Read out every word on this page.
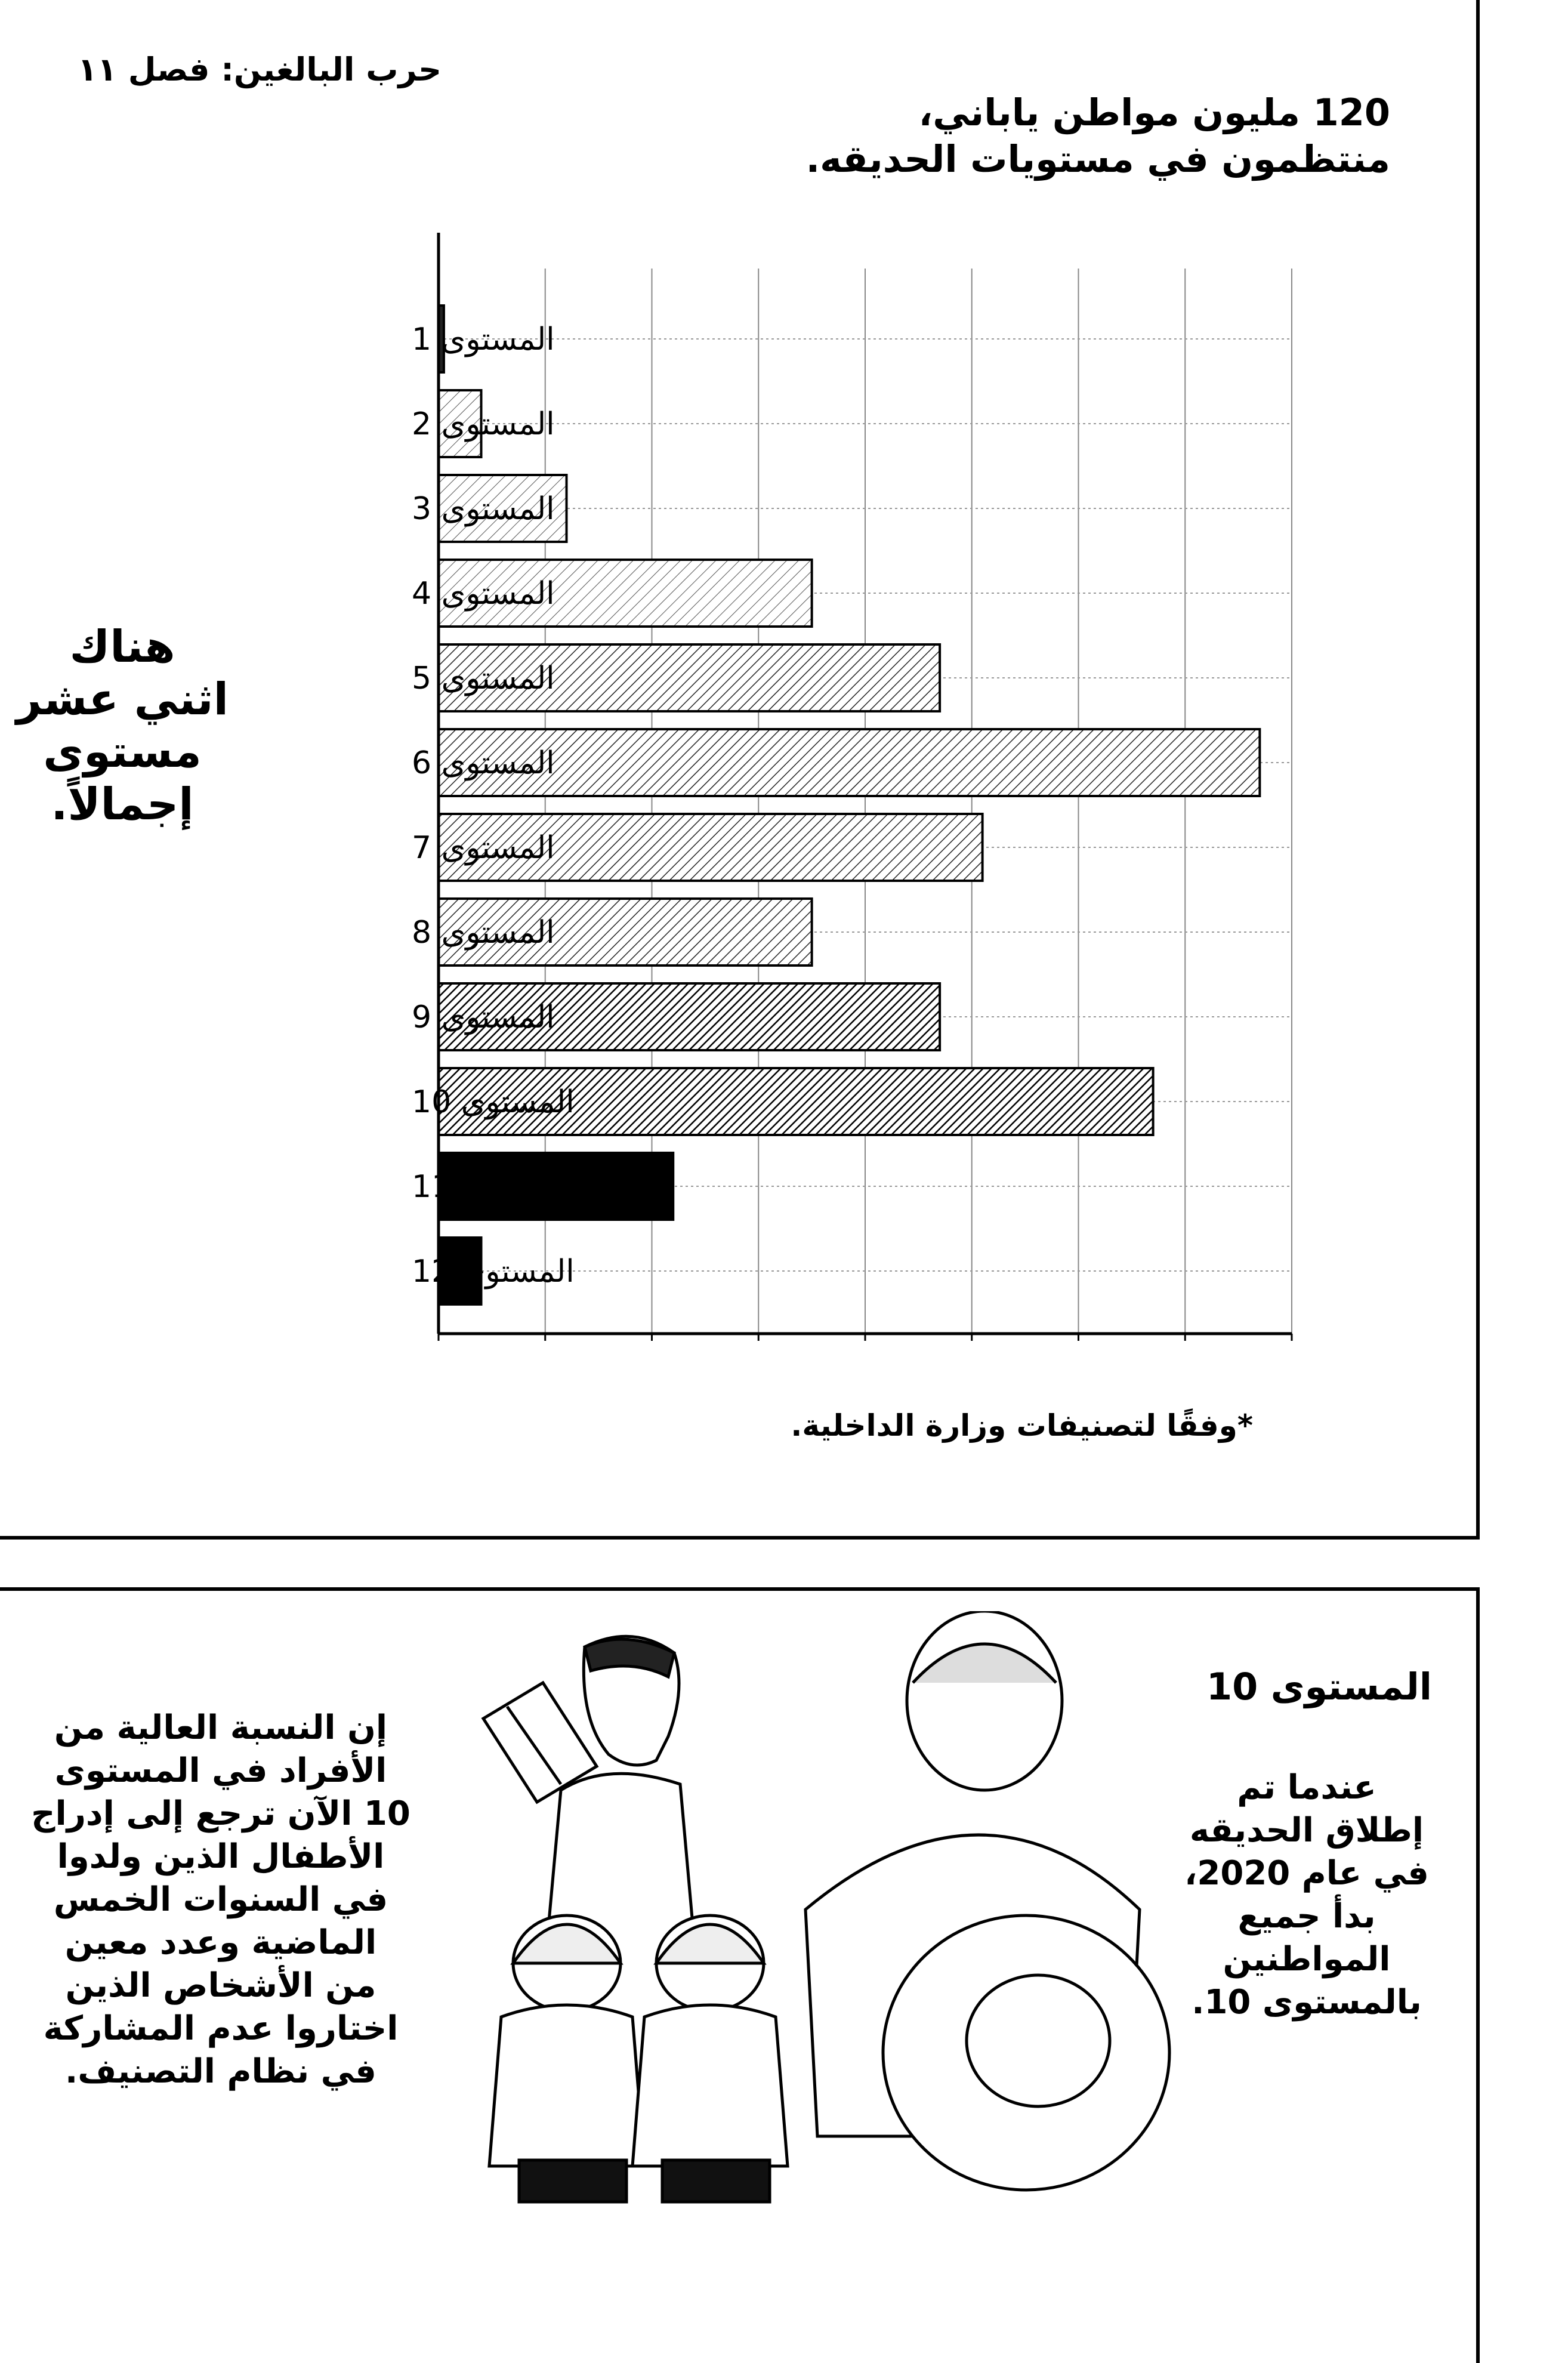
حرب البالغين: فصل ١١
120 مليون مواطن ياباني،
منتظمون في مستويات الحديقه.
هناك
اثني عشر
مستوى
إجمالاً.
المستوى 1
المستوى 2
المستوى 3
المستوى 4
المستوى 5
المستوى 6
المستوى 7
المستوى 8
المستوى 9
المستوى 10
المستوى 11
المستوى 12
*وفقًا لتصنيفات وزارة الداخلية.
المستوى 10
عندما تم
إطلاق الحديقه
في عام 2020،
بدأ جميع
المواطنين
بالمستوى 10.
إن النسبة العالية من
الأفراد في المستوى
10 الآن ترجع إلى إدراج
الأطفال الذين ولدوا
في السنوات الخمس
الماضية وعدد معين
من الأشخاص الذين
اختاروا عدم المشاركة
في نظام التصنيف.
